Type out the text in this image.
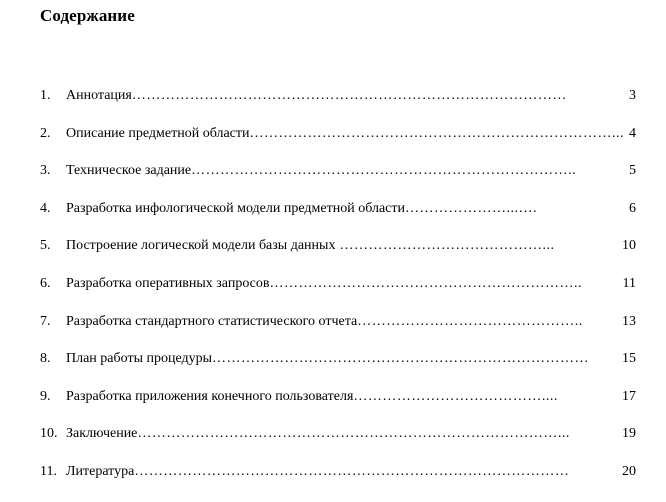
Содержание
1. Аннотация………………………………………………………………………………	3
2. Описание предметной области…………………………………………………………………... 4
3. Техническое задание……………………………………………………………………..	5
4. Разработка инфологической модели предметной области…………………...….	6
5. Построение логической модели базы данных ……………………………………...	10
6. Разработка оперативных запросов………………………………………………………..	11
7. Разработка стандартного статистического отчета………………………………………..	13
8. План работы процедуры…………………………………………………………………… 15
9. Разработка приложения конечного пользователя…………………………………....	17
10. Заключение……………………………………………………………………………...	19
11. Литература………………………………………………………………………………	20
